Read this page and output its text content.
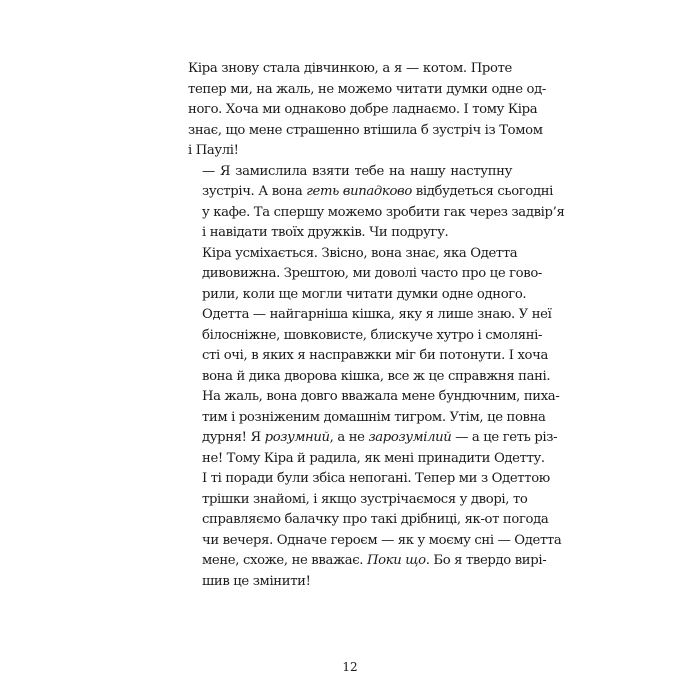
Кіра знову стала дівчинкою, а я — котом. Проте
тепер ми, на жаль, не можемо читати думки одне од-
ного. Хоча ми однаково добре ладнаємо. І тому Кіра
знає, що мене страшенно втішила б зустріч із Томом
і Паулі!

— Я замислила взяти тебе на нашу наступну
зустріч. А вона геть випадково відбудеться сьогодні
у кафе. Та спершу можемо зробити гак через задвір’я
і навідати твоїх дружків. Чи подругу.

Кіра усміхається. Звісно, вона знає, яка Одетта
дивовижна. Зрештою, ми доволі часто про це гово-
рили, коли ще могли читати думки одне одного.
Одетта — найгарніша кішка, яку я лише знаю. У неї
білосніжне, шовковисте, блискуче хутро і смоляні-
сті очі, в яких я насправжки міг би потонути. І хоча
вона й дика дворова кішка, все ж це справжня пані.
На жаль, вона довго вважала мене бундючним, пиха-
тим і розніженим домашнім тигром. Утім, це повна
дурня! Я розумний, а не зарозумілий — а це геть різ-
не! Тому Кіра й радила, як мені принадити Одетту.
І ті поради були збіса непогані. Тепер ми з Одеттою
трішки знайомі, і якщо зустрічаємося у дворі, то
справляємо балачку про такі дрібниці, як-от погода
чи вечеря. Одначе героєм — як у моєму сні — Одетта
мене, схоже, не вважає. Поки що. Бо я твердо вирі-
шив це змінити!

12
